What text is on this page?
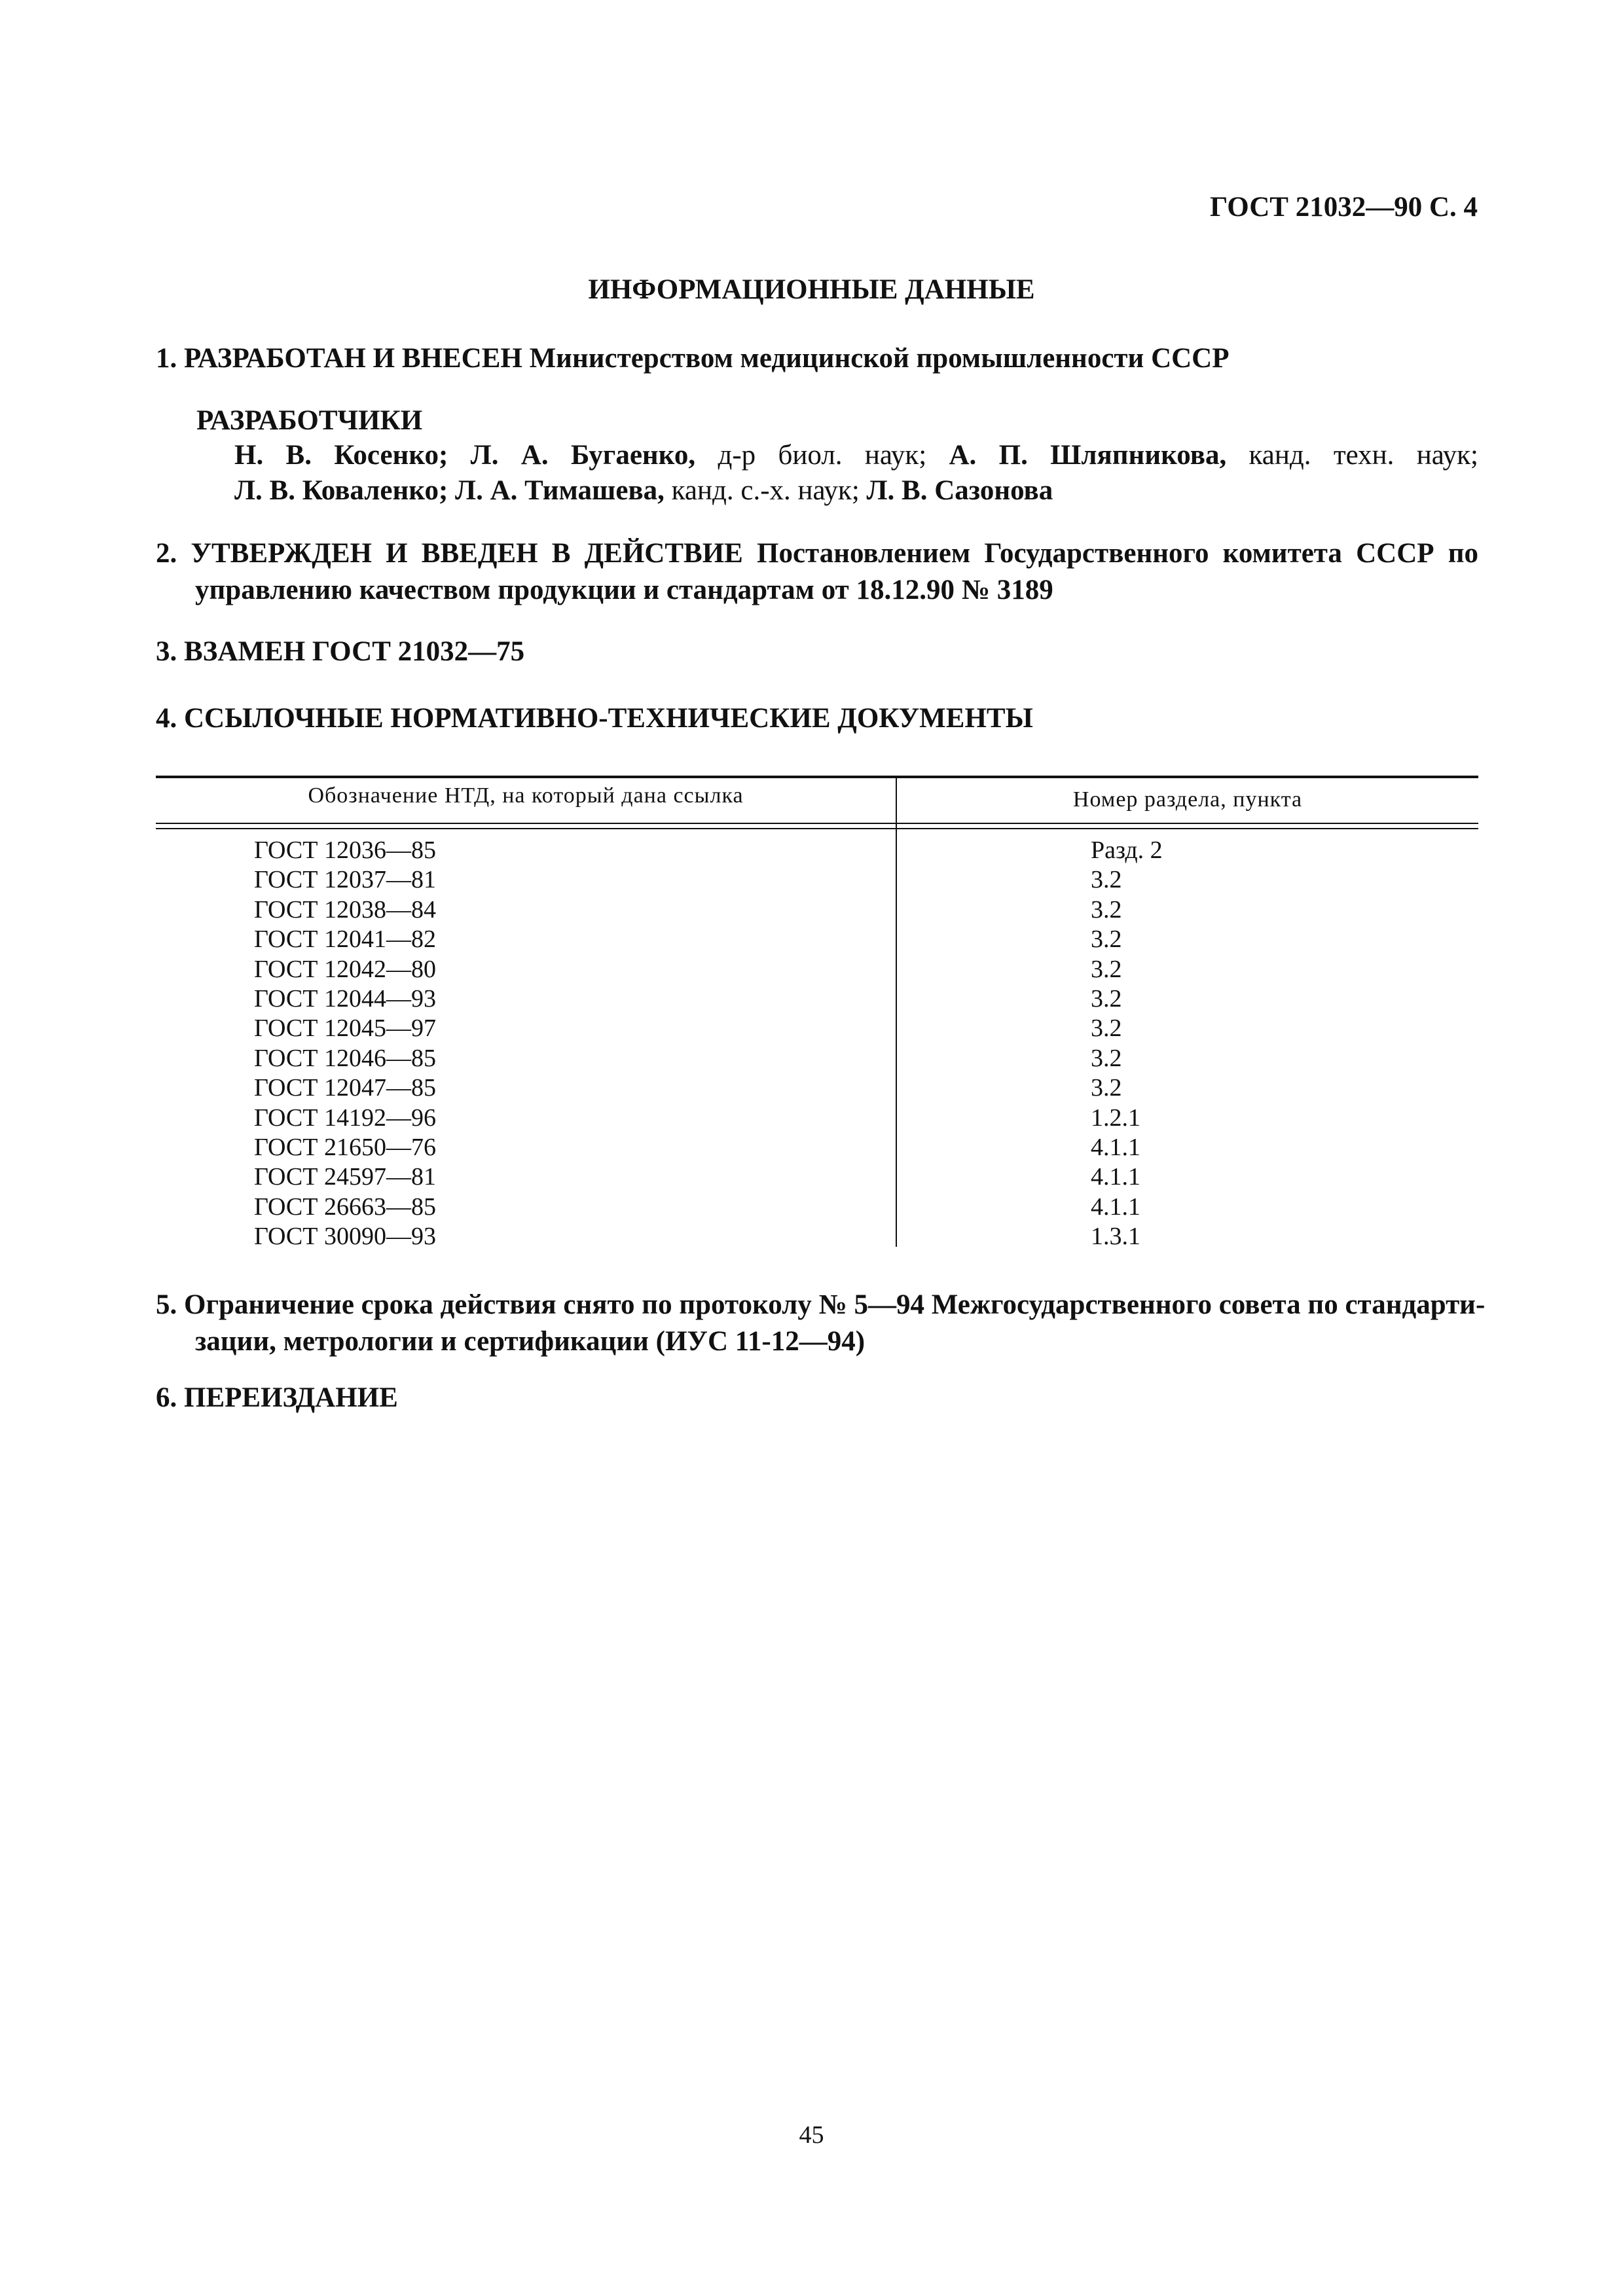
ГОСТ 21032—90 С. 4
ИНФОРМАЦИОННЫЕ ДАННЫЕ
1. РАЗРАБОТАН И ВНЕСЕН Министерством медицинской промышленности СССР
РАЗРАБОТЧИКИ
Н. В. Косенко; Л. А. Бугаенко, д-р биол. наук; А. П. Шляпникова, канд. техн. наук;
Л. В. Коваленко; Л. А. Тимашева, канд. с.-х. наук; Л. В. Сазонова
2. УТВЕРЖДЕН И ВВЕДЕН В ДЕЙСТВИЕ Постановлением Государственного комитета СССР по
управлению качеством продукции и стандартам от 18.12.90 № 3189
3. ВЗАМЕН ГОСТ 21032—75
4. ССЫЛОЧНЫЕ НОРМАТИВНО-ТЕХНИЧЕСКИЕ ДОКУМЕНТЫ
Обозначение НТД, на который дана ссылка	Номер раздела, пункта
ГОСТ 12036—85	Разд. 2
ГОСТ 12037—81	3.2
ГОСТ 12038—84	3.2
ГОСТ 12041—82	3.2
ГОСТ 12042—80	3.2
ГОСТ 12044—93	3.2
ГОСТ 12045—97	3.2
ГОСТ 12046—85	3.2
ГОСТ 12047—85	3.2
ГОСТ 14192—96	1.2.1
ГОСТ 21650—76	4.1.1
ГОСТ 24597—81	4.1.1
ГОСТ 26663—85	4.1.1
ГОСТ 30090—93	1.3.1
5. Ограничение срока действия снято по протоколу № 5—94 Межгосударственного совета по стандарти-
зации, метрологии и сертификации (ИУС 11-12—94)
6. ПЕРЕИЗДАНИЕ
45
